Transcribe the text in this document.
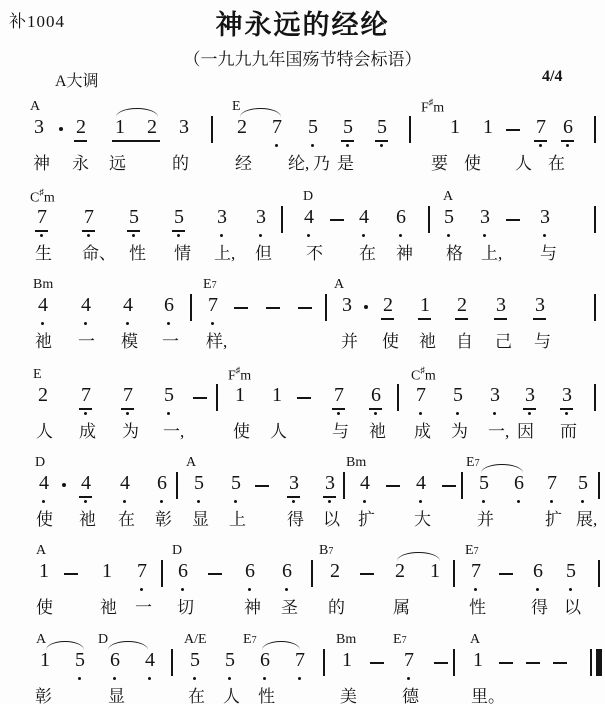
补1004	神永远的经纶
（一九九九年国殇节特会标语）
A大调	4/4
A	E	F♯m
3 2 1 2 3 2 7 5 5 5	1 1 7 6
神 永 远	的	经 纶, 乃 是	要 使 人 在
C♯m	D	A
7 7 5 5 3 3 4 4 6 5 3	3
生 命、 性 情 上, 但 不 在 神 格 上, 与
Bm	E7	A
4 4 4 6 7	3 2 1 2 3 3
祂 一 模 一 样,	并 使 祂 自 己 与
E	F♯m	C♯m
2 7 7 5	1 1	7 6 7 5 3 3 3
人 成 为 一,	使 人	与 祂 成 为 一, 因 而
D	A	Bm	E7
4 4 4 6 5 5 3 3 4 4	5 6 7 5
使 祂 在 彰 显 上 得 以 扩 大	并	扩 展,
A	D	B7	E7
1	1 7 6	6 6 2	2 1 7	6 5
使	祂 一 切	神 圣 的	属	性	得 以
A	D	A/E	E7	Bm	E7	A
1 5 6 4 5 5 6 7 1	7	1
彰	显	在 人 性	美	德	里。
